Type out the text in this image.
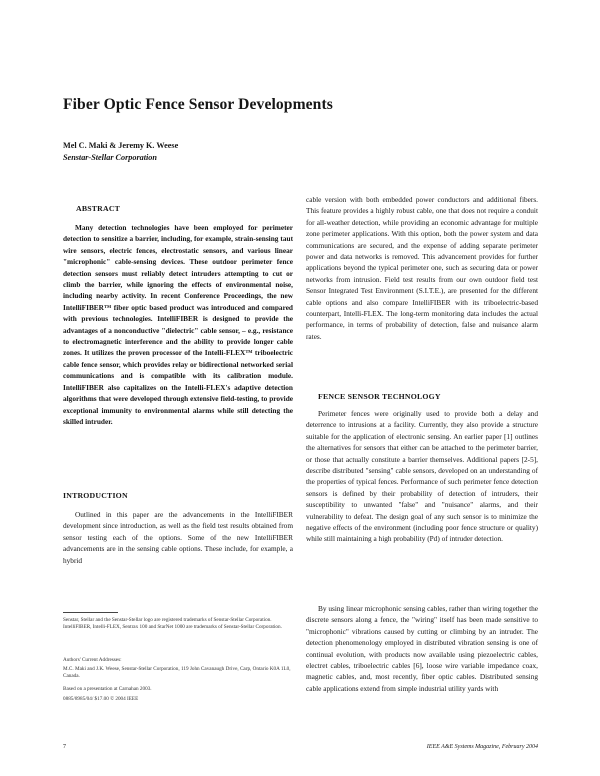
Fiber Optic Fence Sensor Developments
Mel C. Maki & Jeremy K. Weese
Senstar-Stellar Corporation
ABSTRACT

Many detection technologies have been employed for perimeter detection to sensitize a barrier, including, for example, strain-sensing taut wire sensors, electric fences, electrostatic sensors, and various linear "microphonic" cable-sensing devices. These outdoor perimeter fence detection sensors must reliably detect intruders attempting to cut or climb the barrier, while ignoring the effects of environmental noise, including nearby activity. In recent Conference Proceedings, the new IntelliFIBER™ fiber optic based product was introduced and compared with previous technologies. IntelliFIBER is designed to provide the advantages of a nonconductive "dielectric" cable sensor, – e.g., resistance to electromagnetic interference and the ability to provide longer cable zones. It utilizes the proven processor of the Intelli-FLEX™ triboelectric cable fence sensor, which provides relay or bidirectional networked serial communications and is compatible with its calibration module. IntelliFIBER also capitalizes on the Intelli-FLEX's adaptive detection algorithms that were developed through extensive field-testing, to provide exceptional immunity to environmental alarms while still detecting the skilled intruder.

INTRODUCTION

Outlined in this paper are the advancements in the IntelliFIBER development since introduction, as well as the field test results obtained from sensor testing each of the options. Some of the new IntelliFIBER advancements are in the sensing cable options. These include, for example, a hybrid

Senstar, Stellar and the Senstar-Stellar logo are registered trademarks of Senstar-Stellar Corporation. IntelliFIBER, Intelli-FLEX, Sentrax 100 and StarNet 1000 are trademarks of Senstar-Stellar Corporation.

Authors' Current Addresses:

M.C. Maki and J.K. Weese, Senstar-Stellar Corporation, 119 John Cavanaugh Drive, Carp, Ontario K0A 1L0, Canada.

Based on a presentation at Carnahan 2003.

0885/8985/04/ $17.00 © 2004 IEEE

cable version with both embedded power conductors and additional fibers. This feature provides a highly robust cable, one that does not require a conduit for all-weather detection, while providing an economic advantage for multiple zone perimeter applications. With this option, both the power system and data communications are secured, and the expense of adding separate perimeter power and data networks is removed. This advancement provides for further applications beyond the typical perimeter one, such as securing data or power networks from intrusion. Field test results from our own outdoor field test Sensor Integrated Test Environment (S.I.T.E.), are presented for the different cable options and also compare IntelliFIBER with its triboelectric-based counterpart, Intelli-FLEX. The long-term monitoring data includes the actual performance, in terms of probability of detection, false and nuisance alarm rates.

FENCE SENSOR TECHNOLOGY

Perimeter fences were originally used to provide both a delay and deterrence to intrusions at a facility. Currently, they also provide a structure suitable for the application of electronic sensing. An earlier paper [1] outlines the alternatives for sensors that either can be attached to the perimeter barrier, or those that actually constitute a barrier themselves. Additional papers [2-5], describe distributed "sensing" cable sensors, developed on an understanding of the properties of typical fences. Performance of such perimeter fence detection sensors is defined by their probability of detection of intruders, their susceptibility to unwanted "false" and "nuisance" alarms, and their vulnerability to defeat. The design goal of any such sensor is to minimize the negative effects of the environment (including poor fence structure or quality) while still maintaining a high probability (Pd) of intruder detection.

By using linear microphonic sensing cables, rather than wiring together the discrete sensors along a fence, the "wiring" itself has been made sensitive to "microphonic" vibrations caused by cutting or climbing by an intruder. The detection phenomenology employed in distributed vibration sensing is one of continual evolution, with products now available using piezoelectric cables, electret cables, triboelectric cables [6], loose wire variable impedance coax, magnetic cables, and, most recently, fiber optic cables. Distributed sensing cable applications extend from simple industrial utility yards with

7	IEEE A&E Systems Magazine, February 2004
